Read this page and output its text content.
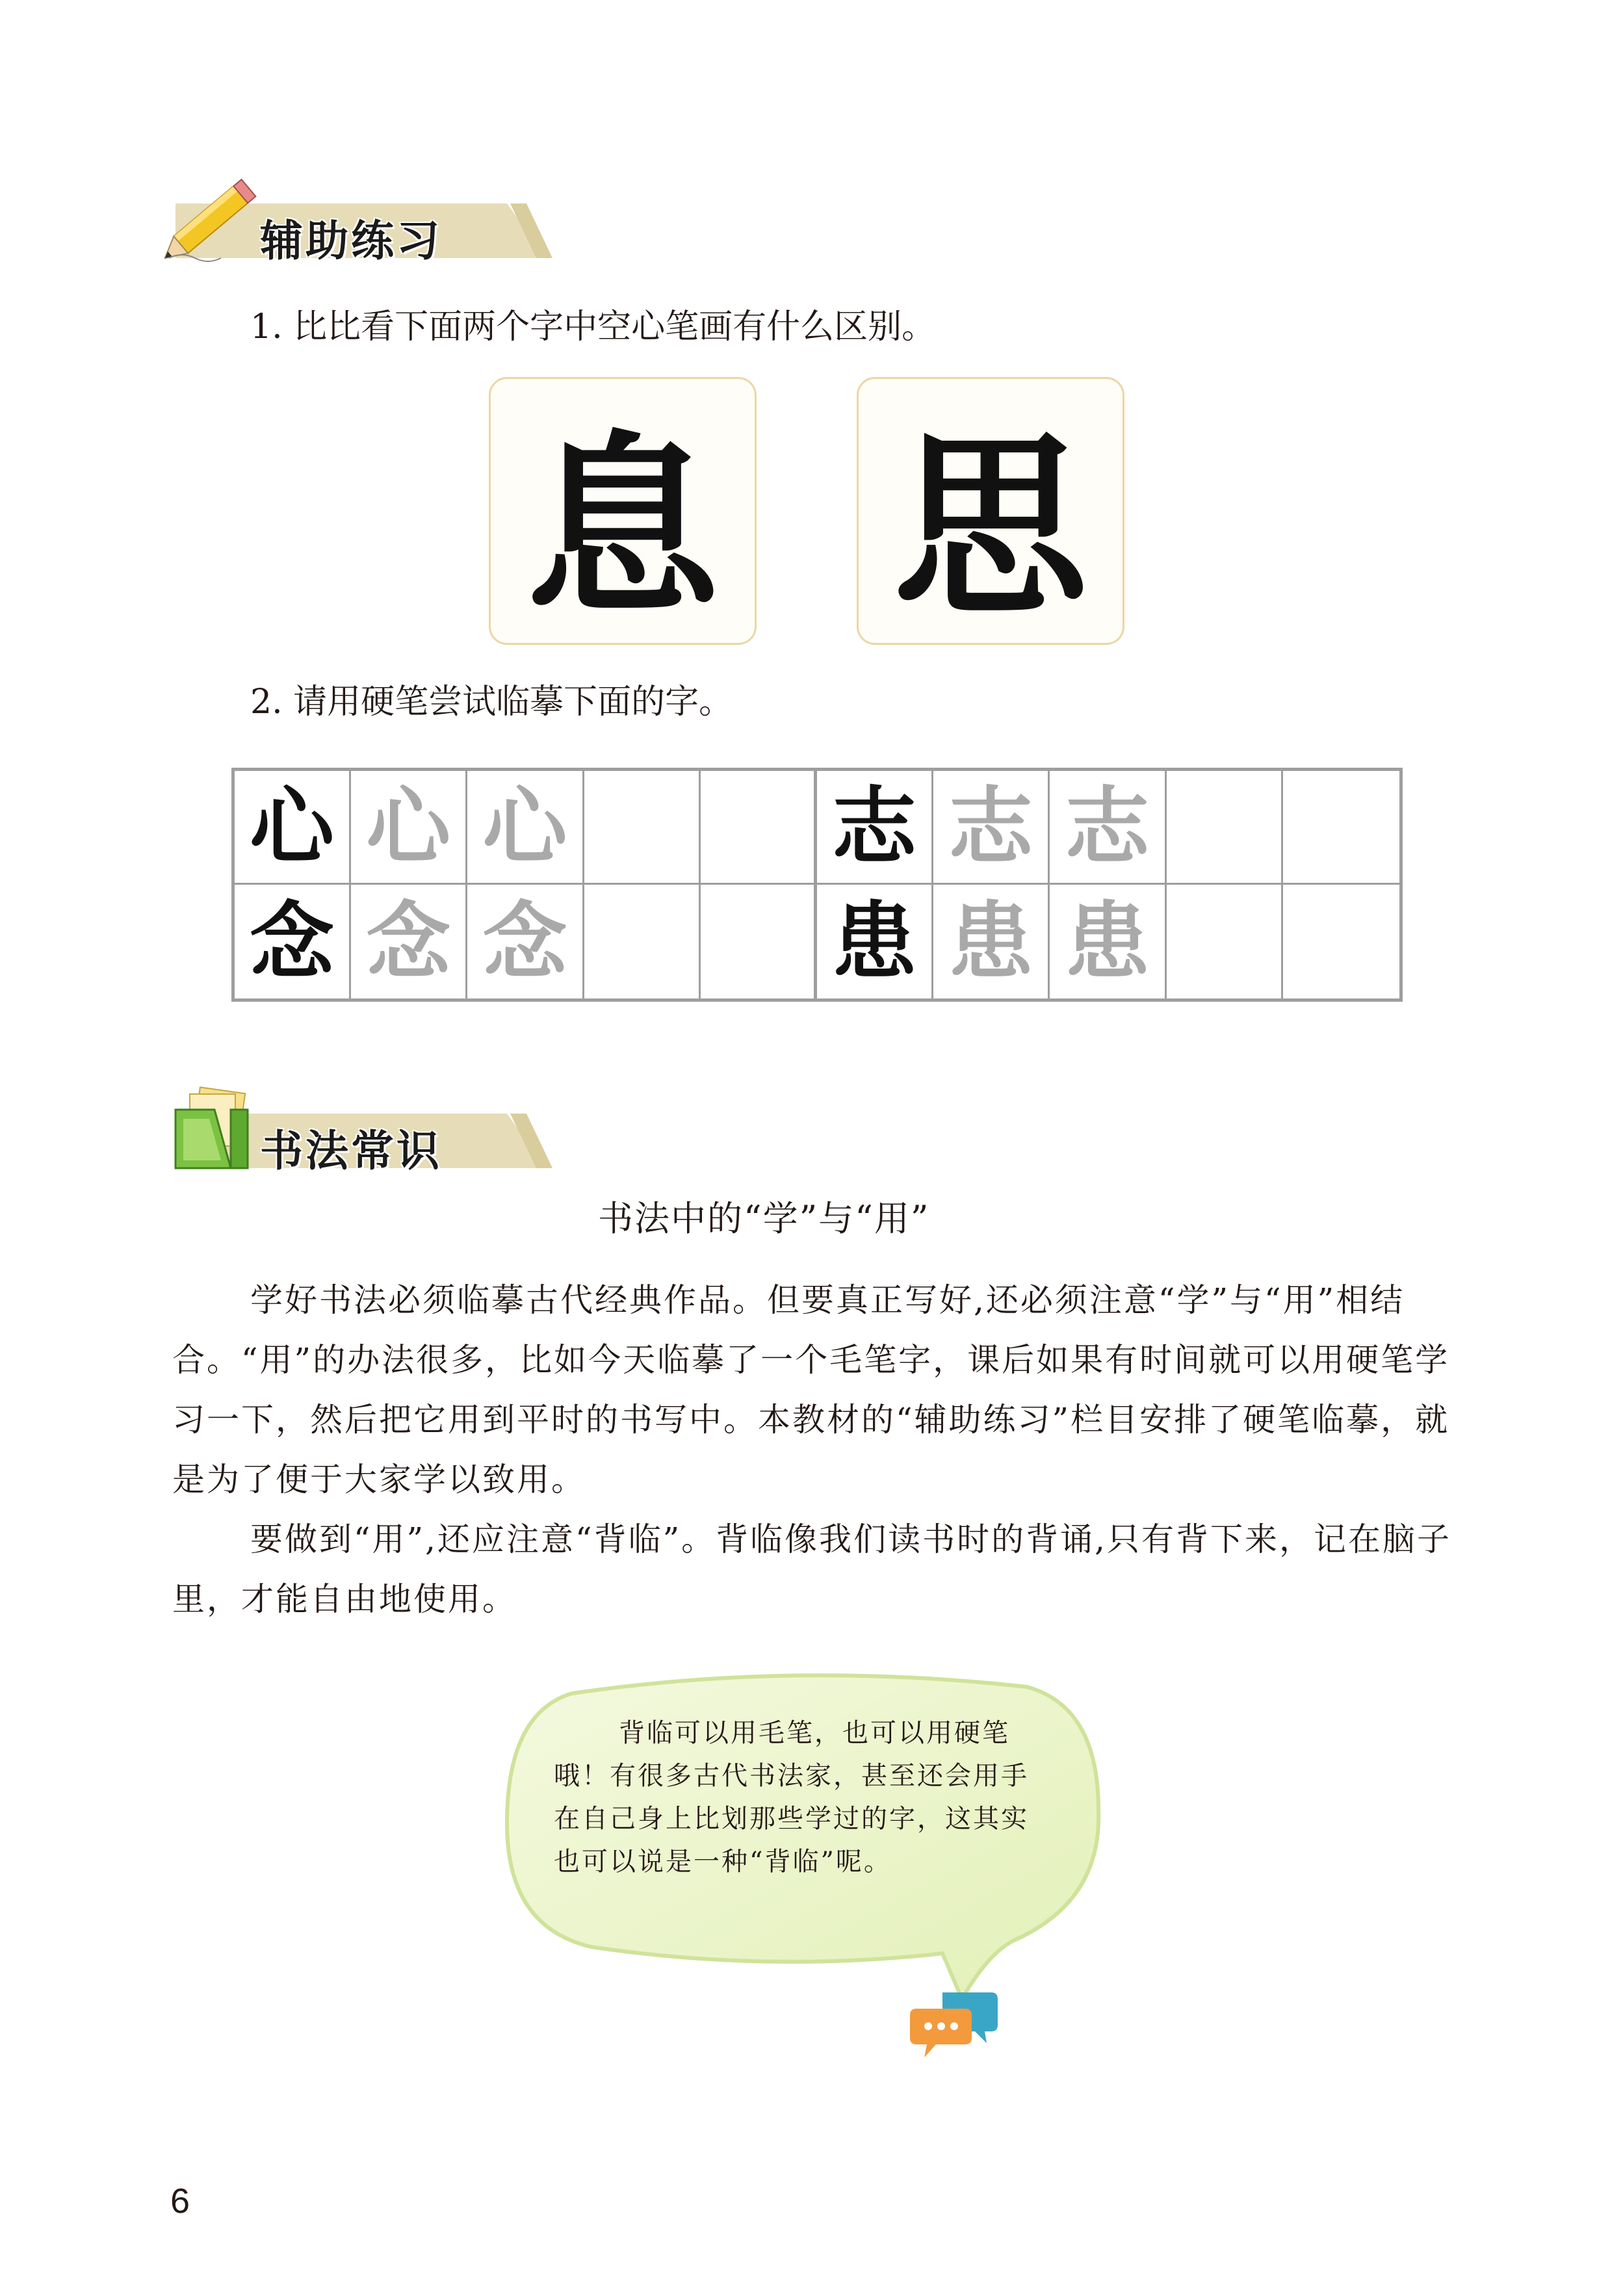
辅助练习
1. 比比看下面两个字中空心笔画有什么区别。
息 思
2. 请用硬笔尝试临摹下面的字。
心 心 心	志 志 志
念 念 念	患 患 患
书法常识
书法中的“学”与“用”
学好书法必须临摹古代经典作品。但要真正写好,还必须注意“学”与“用”相结合。“用”的办法很多，比如今天临摹了一个毛笔字，课后如果有时间就可以用硬笔学习一下，然后把它用到平时的书写中。本教材的“辅助练习”栏目安排了硬笔临摹，就是为了便于大家学以致用。
要做到“用”,还应注意“背临”。背临像我们读书时的背诵,只有背下来，记在脑子里，才能自由地使用。
背临可以用毛笔，也可以用硬笔哦！有很多古代书法家，甚至还会用手在自己身上比划那些学过的字，这其实也可以说是一种“背临”呢。
6
